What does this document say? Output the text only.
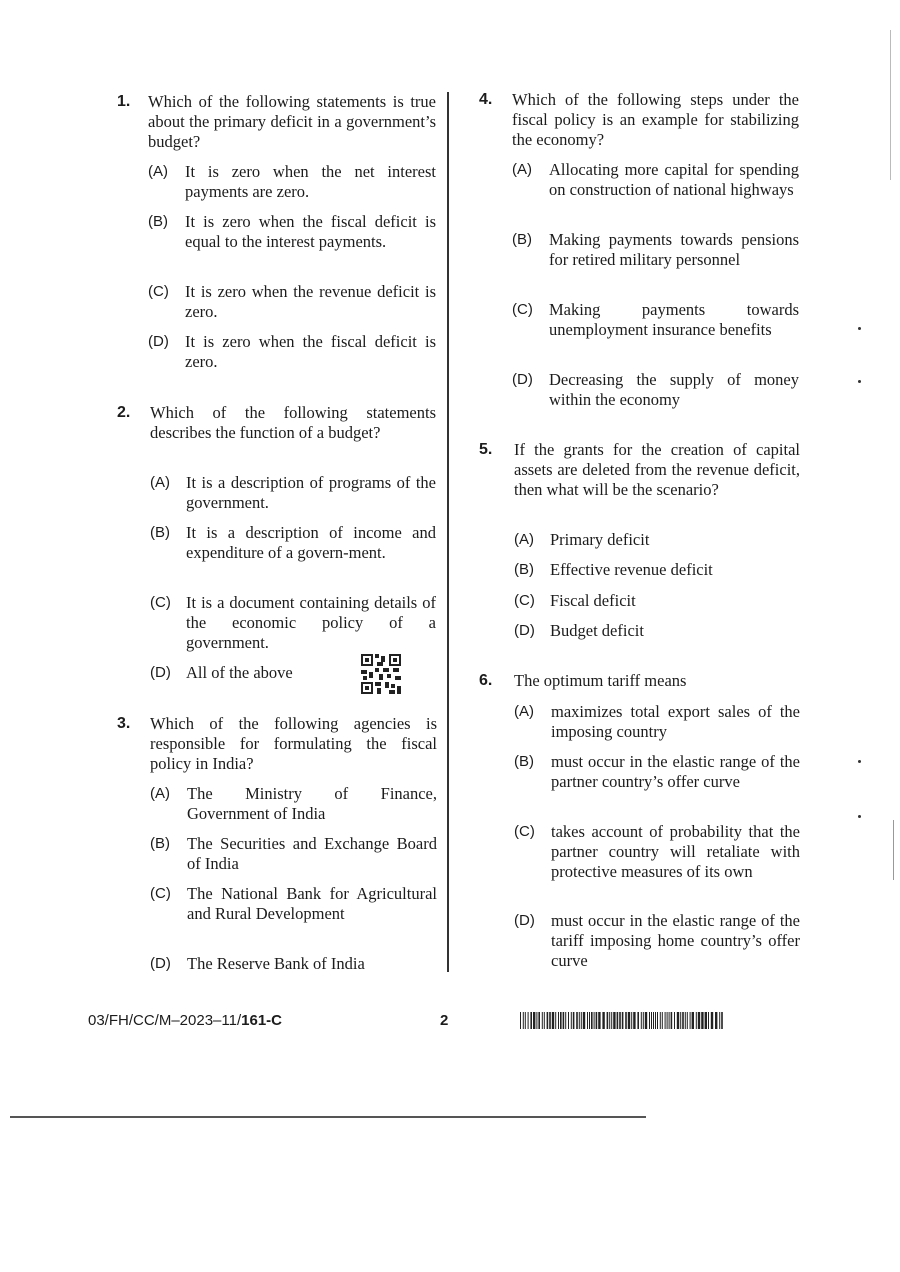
1. Which of the following statements is true about the primary deficit in a government’s budget?
(A) It is zero when the net interest payments are zero.
(B) It is zero when the fiscal deficit is equal to the interest payments.
(C) It is zero when the revenue deficit is zero.
(D) It is zero when the fiscal deficit is zero.
2. Which of the following statements describes the function of a budget?
(A) It is a description of programs of the government.
(B) It is a description of income and expenditure of a govern-ment.
(C) It is a document containing details of the economic policy of a government.
(D) All of the above
3. Which of the following agencies is responsible for formulating the fiscal policy in India?
(A) The Ministry of Finance, Government of India
(B) The Securities and Exchange Board of India
(C) The National Bank for Agricultural and Rural Development
(D) The Reserve Bank of India
4. Which of the following steps under the fiscal policy is an example for stabilizing the economy?
(A) Allocating more capital for spending on construction of national highways
(B) Making payments towards pensions for retired military personnel
(C) Making payments towards unemployment insurance benefits
(D) Decreasing the supply of money within the economy
5. If the grants for the creation of capital assets are deleted from the revenue deficit, then what will be the scenario?
(A) Primary deficit
(B) Effective revenue deficit
(C) Fiscal deficit
(D) Budget deficit
6. The optimum tariff means
(A) maximizes total export sales of the imposing country
(B) must occur in the elastic range of the partner country’s offer curve
(C) takes account of probability that the partner country will retaliate with protective measures of its own
(D) must occur in the elastic range of the tariff imposing home country’s offer curve
03/FH/CC/M–2023–11/161-C	2
